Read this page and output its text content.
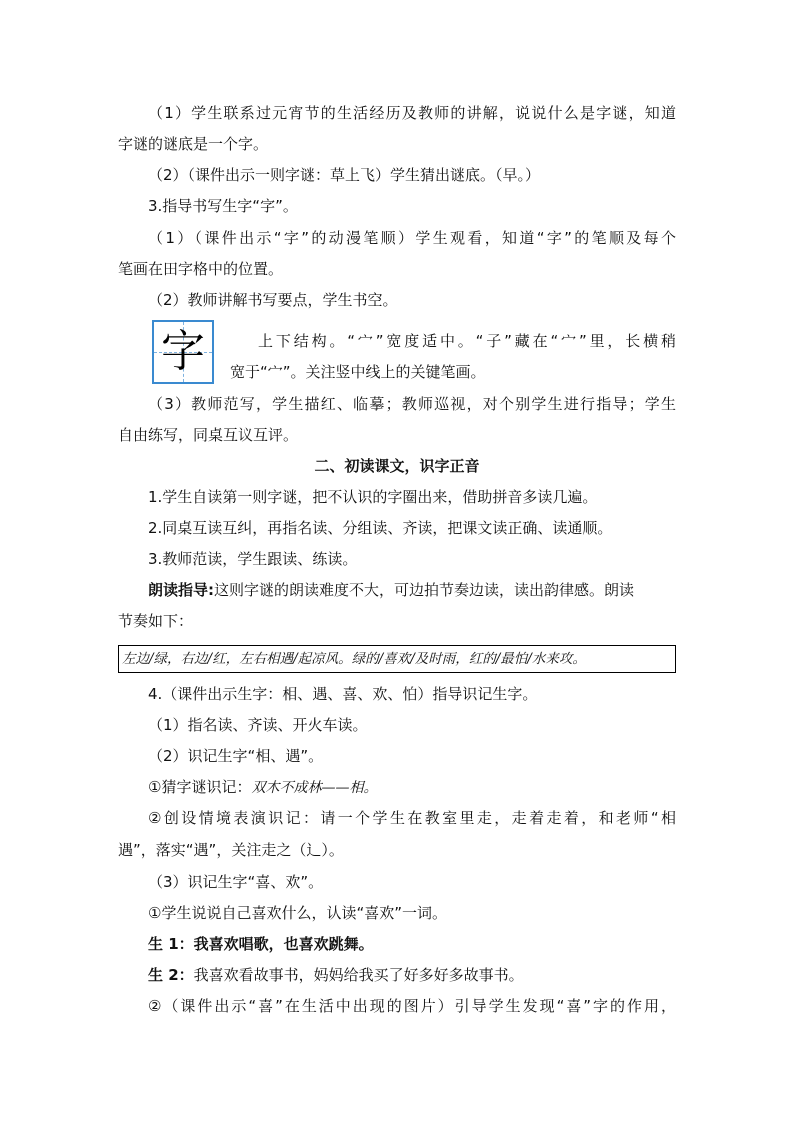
（1）学生联系过元宵节的生活经历及教师的讲解，说说什么是字谜，知道
字谜的谜底是一个字。
（2）（课件出示一则字谜：草上飞）学生猜出谜底。（早。）
3.指导书写生字“字”。
（1）（课件出示“字”的动漫笔顺）学生观看，知道“字”的笔顺及每个
笔画在田字格中的位置。
（2）教师讲解书写要点，学生书空。
字	上下结构。“宀”宽度适中。“子”藏在“宀”里，长横稍
宽于“宀”。关注竖中线上的关键笔画。
（3）教师范写，学生描红、临摹；教师巡视，对个别学生进行指导；学生
自由练写，同桌互议互评。
二、初读课文，识字正音
1.学生自读第一则字谜，把不认识的字圈出来，借助拼音多读几遍。
2.同桌互读互纠，再指名读、分组读、齐读，把课文读正确、读通顺。
3.教师范读，学生跟读、练读。
朗读指导:这则字谜的朗读难度不大，可边拍节奏边读，读出韵律感。朗读
节奏如下：
左边/绿，右边/红，左右相遇/起凉风。绿的/喜欢/及时雨，红的/最怕/水来攻。
4.（课件出示生字：相、遇、喜、欢、怕）指导识记生字。
（1）指名读、齐读、开火车读。
（2）识记生字“相、遇”。
①猜字谜识记：双木不成林——相。
②创设情境表演识记：请一个学生在教室里走，走着走着，和老师“相
遇”，落实“遇”，关注走之（辶）。
（3）识记生字“喜、欢”。
①学生说说自己喜欢什么，认读“喜欢”一词。
生 1：我喜欢唱歌，也喜欢跳舞。
生 2：我喜欢看故事书，妈妈给我买了好多好多故事书。
②（课件出示“喜”在生活中出现的图片）引导学生发现“喜”字的作用，
